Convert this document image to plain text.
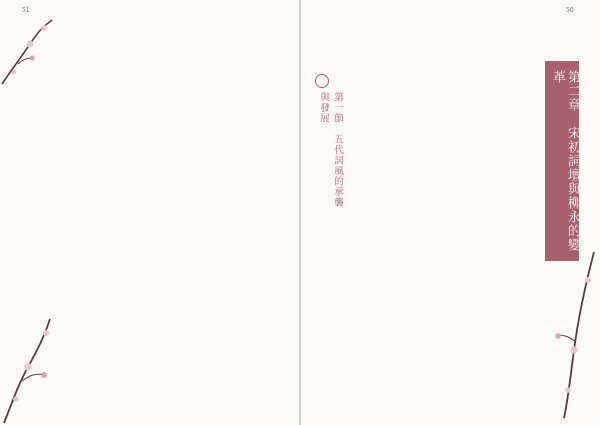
51	50
第二章　宋初詞壇與柳永的變革
第一節　五代詞風的承襲與發展
